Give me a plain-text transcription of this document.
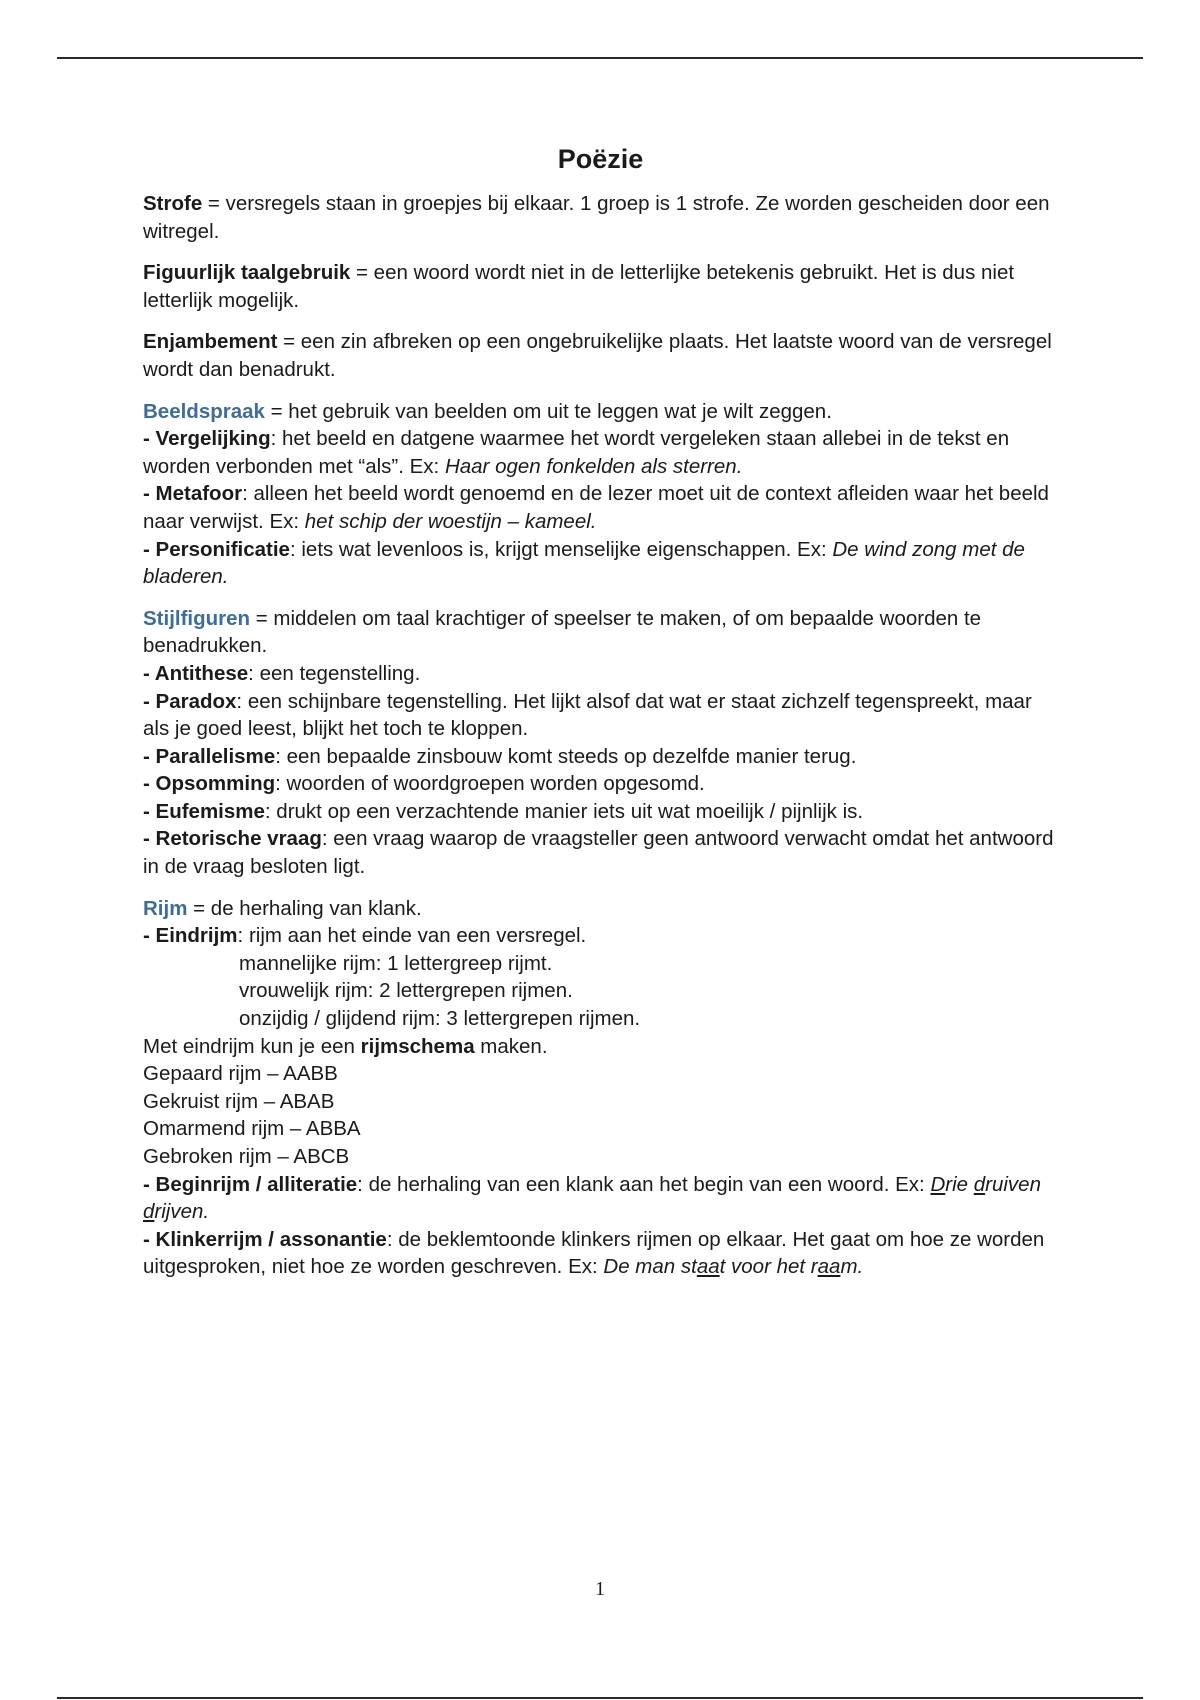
Poëzie

Strofe = versregels staan in groepjes bij elkaar. 1 groep is 1 strofe. Ze worden gescheiden door een witregel.

Figuurlijk taalgebruik = een woord wordt niet in de letterlijke betekenis gebruikt. Het is dus niet letterlijk mogelijk.

Enjambement = een zin afbreken op een ongebruikelijke plaats. Het laatste woord van de versregel wordt dan benadrukt.

Beeldspraak = het gebruik van beelden om uit te leggen wat je wilt zeggen.

- Vergelijking: het beeld en datgene waarmee het wordt vergeleken staan allebei in de tekst en worden verbonden met “als”. Ex: Haar ogen fonkelden als sterren.

- Metafoor: alleen het beeld wordt genoemd en de lezer moet uit de context afleiden waar het beeld naar verwijst. Ex: het schip der woestijn – kameel.

- Personificatie: iets wat levenloos is, krijgt menselijke eigenschappen. Ex: De wind zong met de bladeren.

Stijlfiguren = middelen om taal krachtiger of speelser te maken, of om bepaalde woorden te benadrukken.

- Antithese: een tegenstelling.

- Paradox: een schijnbare tegenstelling. Het lijkt alsof dat wat er staat zichzelf tegenspreekt, maar als je goed leest, blijkt het toch te kloppen.

- Parallelisme: een bepaalde zinsbouw komt steeds op dezelfde manier terug.

- Opsomming: woorden of woordgroepen worden opgesomd.

- Eufemisme: drukt op een verzachtende manier iets uit wat moeilijk / pijnlijk is.

- Retorische vraag: een vraag waarop de vraagsteller geen antwoord verwacht omdat het antwoord in de vraag besloten ligt.

Rijm = de herhaling van klank.

- Eindrijm: rijm aan het einde van een versregel.

mannelijke rijm: 1 lettergreep rijmt.

vrouwelijk rijm: 2 lettergrepen rijmen.

onzijdig / glijdend rijm: 3 lettergrepen rijmen.

Met eindrijm kun je een rijmschema maken.

Gepaard rijm – AABB

Gekruist rijm – ABAB

Omarmend rijm – ABBA

Gebroken rijm – ABCB

- Beginrijm / alliteratie: de herhaling van een klank aan het begin van een woord. Ex: Drie druiven drijven.

- Klinkerrijm / assonantie: de beklemtoonde klinkers rijmen op elkaar. Het gaat om hoe ze worden uitgesproken, niet hoe ze worden geschreven. Ex: De man staat voor het raam.

1
